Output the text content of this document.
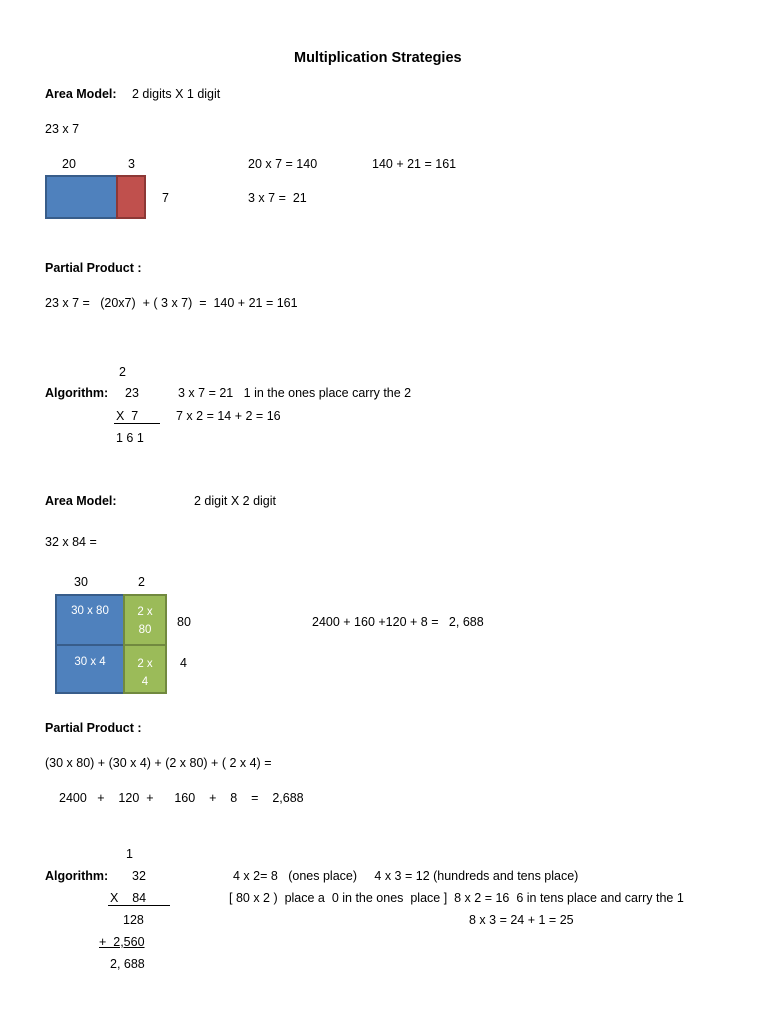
Multiplication Strategies
Area Model: 2 digits X 1 digit
23 x 7
20	3
7
20 x 7 = 140	140 + 21 = 161
3 x 7 =  21
Partial Product :
23 x 7 =   (20x7)  + ( 3 x 7)  =  140 + 21 = 161
2
Algorithm: 23	3 x 7 = 21   1 in the ones place carry the 2
X  7	7 x 2 = 14 + 2 = 16
1 6 1
Area Model:	2 digit X 2 digit
32 x 84 =
30	2
30 x 80	2 x
80
30 x 4	2 x
4
80
4
2400 + 160 +120 + 8 =   2, 688
Partial Product :
(30 x 80) + (30 x 4) + (2 x 80) + ( 2 x 4) =
2400   +    120  +      160    +    8    =    2,688
1
Algorithm: 32	4 x 2= 8   (ones place)     4 x 3 = 12 (hundreds and tens place)
X    84	[ 80 x 2 )  place a  0 in the ones  place ]  8 x 2 = 16  6 in tens place and carry the 1
128	8 x 3 = 24 + 1 = 25
+  2,560
2, 688
